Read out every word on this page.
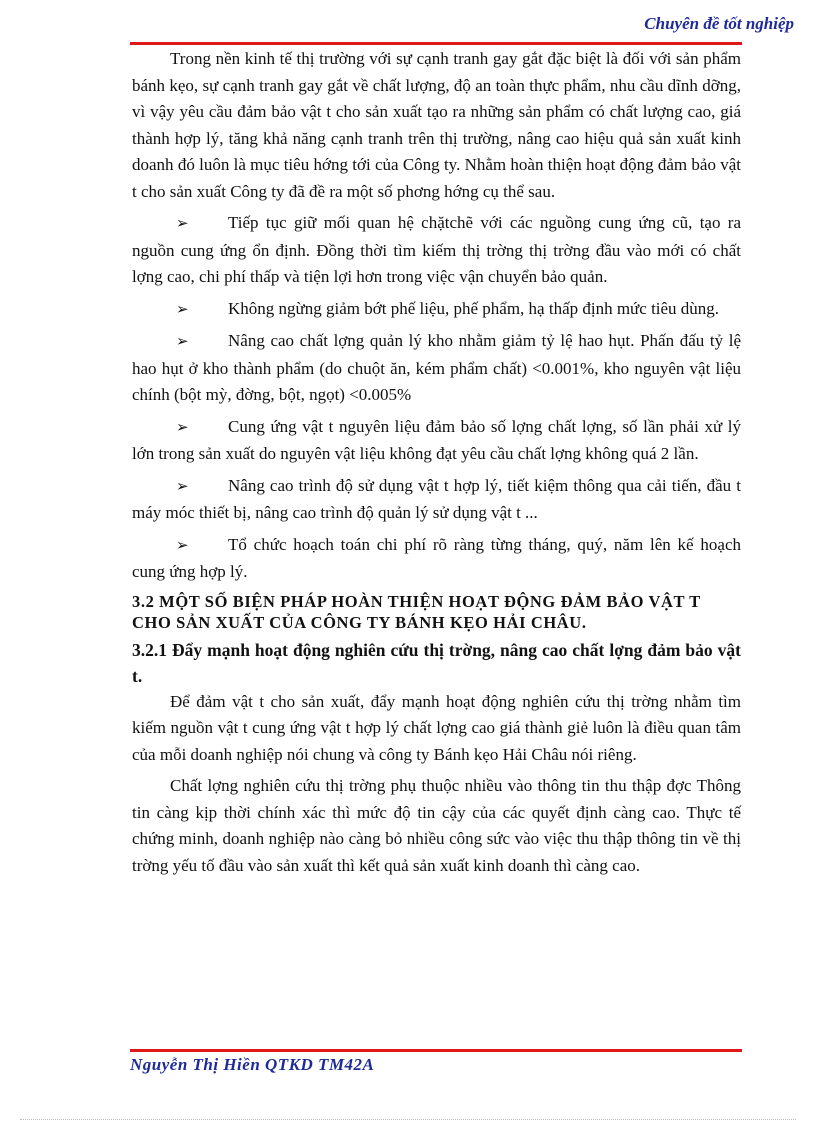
Chuyên đề tốt nghiệp

Trong nền kinh tế thị trường với sự cạnh tranh gay gắt đặc biệt là đối với sản phẩm bánh kẹo, sự cạnh tranh gay gắt về chất lượng, độ an toàn thực phẩm, nhu cầu dĩnh dỡng, vì vậy yêu cầu đảm bảo vật t cho sản xuất tạo ra những sản phẩm có chất lượng cao, giá thành hợp lý, tăng khả năng cạnh tranh trên thị trường, nâng cao hiệu quả sản xuất kinh doanh đó luôn là mục tiêu hớng tới của Công ty. Nhằm hoàn thiện hoạt động đảm bảo vật t cho sản xuất Công ty đã đề ra một số phơng hớng cụ thể sau.

➢ Tiếp tục giữ mối quan hệ chặtchẽ với các nguồng cung ứng cũ, tạo ra nguồn cung ứng ổn định. Đồng thời tìm kiếm thị trờng thị trờng đầu vào mới có chất lợng cao, chi phí thấp và tiện lợi hơn trong việc vận chuyển bảo quản.

➢ Không ngừng giảm bớt phế liệu, phế phẩm, hạ thấp định mức tiêu dùng.

➢ Nâng cao chất lợng quản lý kho nhằm giảm tỷ lệ hao hụt. Phấn đấu tỷ lệ hao hụt ở kho thành phẩm (do chuột ăn, kém phẩm chất) <0.001%, kho nguyên vật liệu chính (bột mỳ, đờng, bột, ngọt) <0.005%

➢ Cung ứng vật t nguyên liệu đảm bảo số lợng chất lợng, số lần phải xử lý lớn trong sản xuất do nguyên vật liệu không đạt yêu cầu chất lợng không quá 2 lần.

➢ Nâng cao trình độ sử dụng vật t hợp lý, tiết kiệm thông qua cải tiến, đầu t máy móc thiết bị, nâng cao trình độ quản lý sử dụng vật t ...

➢ Tổ chức hoạch toán chi phí rõ ràng từng tháng, quý, năm lên kế hoạch cung ứng hợp lý.

3.2 MỘT SỐ BIỆN PHÁP HOÀN THIỆN HOẠT ĐỘNG ĐẢM BẢO VẬT T CHO SẢN XUẤT CỦA CÔNG TY BÁNH KẸO HẢI CHÂU.
3.2.1 Đẩy mạnh hoạt động nghiên cứu thị trờng, nâng cao chất lợng đảm bảo vật t.

Để đảm vật t cho sản xuất, đẩy mạnh hoạt động nghiên cứu thị trờng nhằm tìm kiếm nguồn vật t cung ứng vật t hợp lý chất lợng cao giá thành giẻ luôn là điều quan tâm của mỗi doanh nghiệp nói chung và công ty Bánh kẹo Hải Châu nói riêng.

Chất lợng nghiên cứu thị trờng phụ thuộc nhiều vào thông tin thu thập đợc Thông tin càng kịp thời chính xác thì mức độ tin cậy của các quyết định càng cao. Thực tế chứng minh, doanh nghiệp nào càng bỏ nhiều công sức vào việc thu thập thông tin về thị trờng yếu tố đầu vào sản xuất thì kết quả sản xuất kinh doanh thì càng cao.

Nguyễn Thị Hiền QTKD TM42A
